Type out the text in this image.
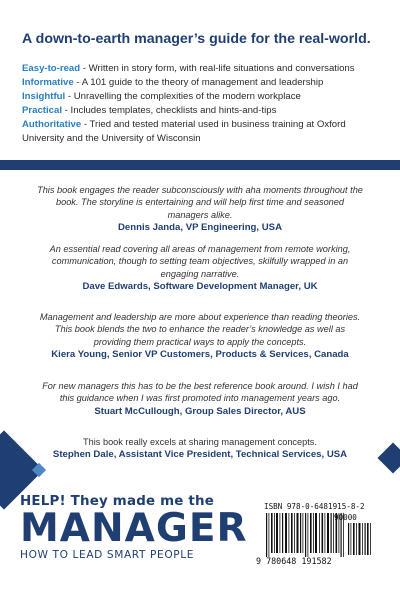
A down-to-earth manager’s guide for the real-world.
Easy-to-read - Written in story form, with real-life situations and conversations
Informative - A 101 guide to the theory of management and leadership
Insightful - Unravelling the complexities of the modern workplace
Practical - Includes templates, checklists and hints-and-tips
Authoritative - Tried and tested material used in business training at Oxford University and the University of Wisconsin
This book engages the reader subconsciously with aha moments throughout the book. The storyline is entertaining and will help first time and seasoned managers alike.
Dennis Janda, VP Engineering, USA
An essential read covering all areas of management from remote working, communication, though to setting team objectives, skilfully wrapped in an engaging narrative.
Dave Edwards, Software Development Manager, UK
Management and leadership are more about experience than reading theories. This book blends the two to enhance the reader’s knowledge as well as providing them practical ways to apply the concepts.
Kiera Young, Senior VP Customers, Products & Services, Canada
For new managers this has to be the best reference book around. I wish I had this guidance when I was first promoted into management years ago.
Stuart McCullough, Group Sales Director, AUS
This book really excels at sharing management concepts.
Stephen Dale, Assistant Vice President, Technical Services, USA
HELP! They made me the
MANAGER
HOW TO LEAD SMART PEOPLE
ISBN 978-0-6481915-8-2
90000
9 780648 191582
